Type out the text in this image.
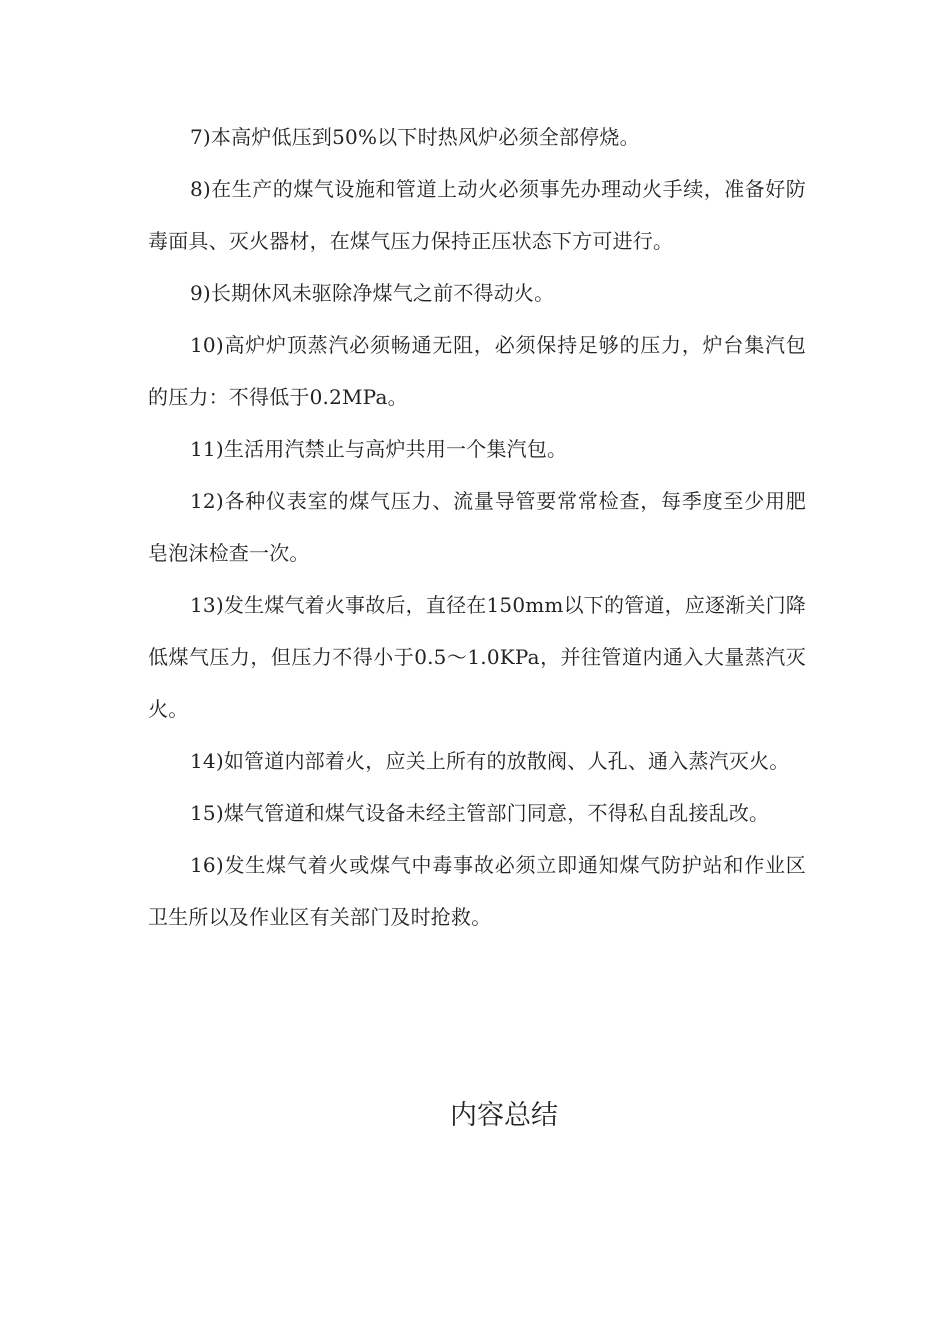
7)本高炉低压到50%以下时热风炉必须全部停烧。

8)在生产的煤气设施和管道上动火必须事先办理动火手续，准备好防毒面具、灭火器材，在煤气压力保持正压状态下方可进行。

9)长期休风未驱除净煤气之前不得动火。

10)高炉炉顶蒸汽必须畅通无阻，必须保持足够的压力，炉台集汽包的压力：不得低于0.2MPa。

11)生活用汽禁止与高炉共用一个集汽包。

12)各种仪表室的煤气压力、流量导管要常常检查，每季度至少用肥皂泡沫检查一次。

13)发生煤气着火事故后，直径在150mm以下的管道，应逐渐关门降低煤气压力，但压力不得小于0.5～1.0KPa，并往管道内通入大量蒸汽灭火。

14)如管道内部着火，应关上所有的放散阀、人孔、通入蒸汽灭火。

15)煤气管道和煤气设备未经主管部门同意，不得私自乱接乱改。

16)发生煤气着火或煤气中毒事故必须立即通知煤气防护站和作业区卫生所以及作业区有关部门及时抢救。

内容总结
